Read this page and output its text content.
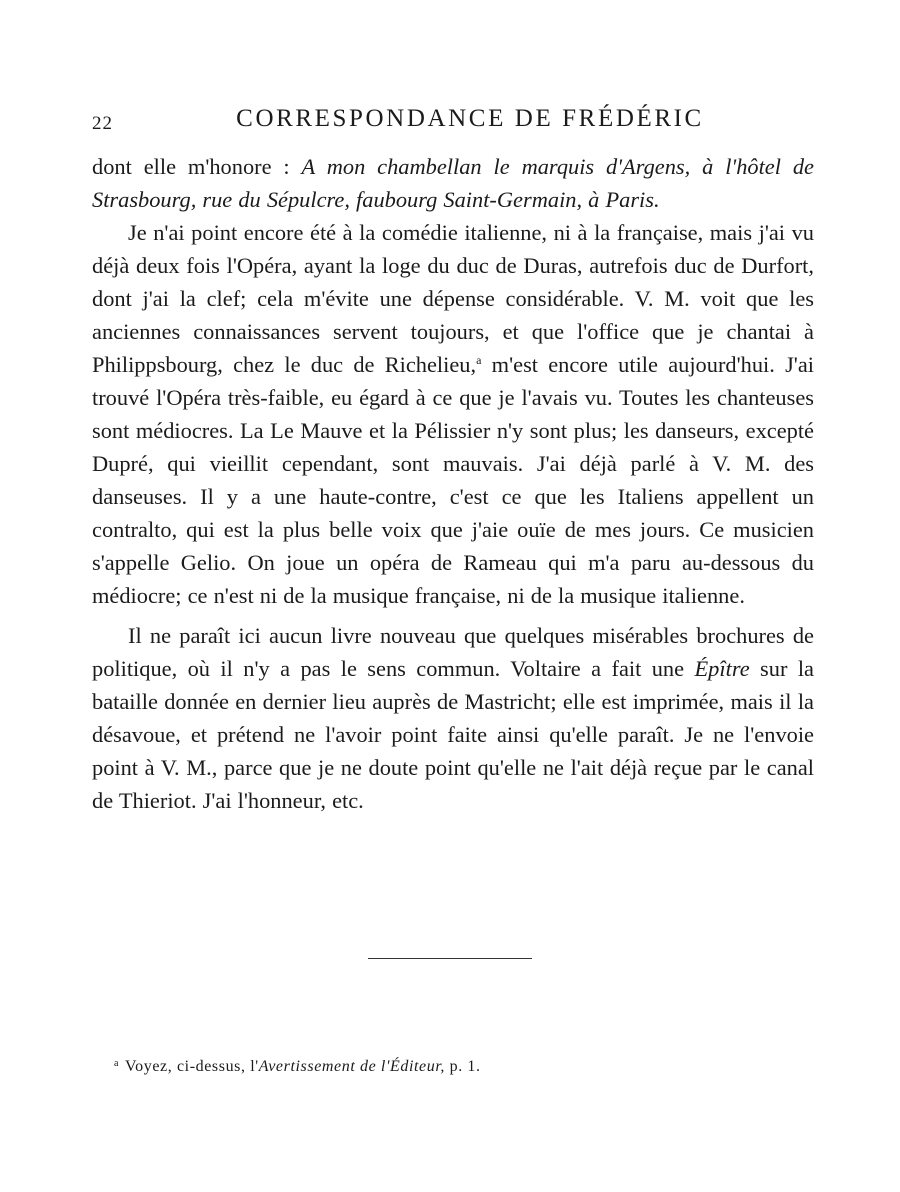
22	CORRESPONDANCE DE FRÉDÉRIC

dont elle m'honore : A mon chambellan le marquis d'Argens, à l'hôtel de Strasbourg, rue du Sépulcre, faubourg Saint-Germain, à Paris.

Je n'ai point encore été à la comédie italienne, ni à la française, mais j'ai vu déjà deux fois l'Opéra, ayant la loge du duc de Duras, autrefois duc de Durfort, dont j'ai la clef; cela m'évite une dépense considérable. V. M. voit que les anciennes connaissances servent toujours, et que l'office que je chantai à Philippsbourg, chez le duc de Richelieu,$^a$ m'est encore utile aujourd'hui. J'ai trouvé l'Opéra très-faible, eu égard à ce que je l'avais vu. Toutes les chanteuses sont médiocres. La Le Mauve et la Pélissier n'y sont plus; les danseurs, excepté Dupré, qui vieillit cependant, sont mauvais. J'ai déjà parlé à V. M. des danseuses. Il y a une haute-contre, c'est ce que les Italiens appellent un contralto, qui est la plus belle voix que j'aie ouïe de mes jours. Ce musicien s'appelle Gelio. On joue un opéra de Rameau qui m'a paru au-dessous du médiocre; ce n'est ni de la musique française, ni de la musique italienne.

Il ne paraît ici aucun livre nouveau que quelques misérables brochures de politique, où il n'y a pas le sens commun. Voltaire a fait une Épître sur la bataille donnée en dernier lieu auprès de Mastricht; elle est imprimée, mais il la désavoue, et prétend ne l'avoir point faite ainsi qu'elle paraît. Je ne l'envoie point à V. M., parce que je ne doute point qu'elle ne l'ait déjà reçue par le canal de Thieriot. J'ai l'honneur, etc.

$^a$ Voyez, ci-dessus, l'Avertissement de l'Éditeur, p. 1.
